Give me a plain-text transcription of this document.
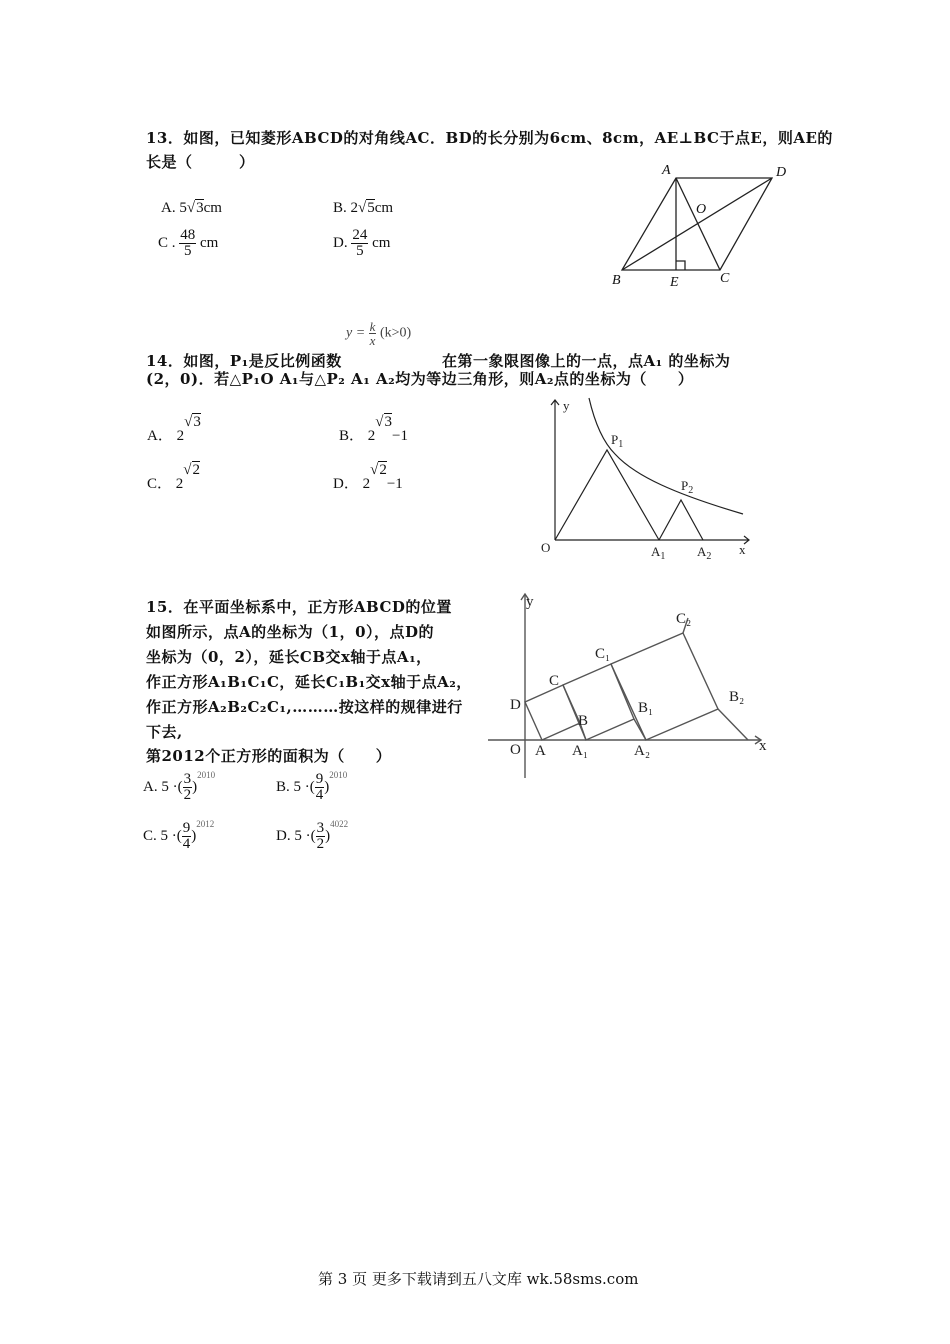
13．如图，已知菱形ABCD的对角线AC．BD的长分别为6cm、8cm，AE⊥BC于点E，则AE的
长是（　　　）
A. 5√3cm	B. 2√5cm
C . $\frac{48}{5}$ cm	D. $\frac{24}{5}$ cm
A	D
O
B	E	C
$y = \frac{k}{x} (k>0)$
14．如图，P₁是反比例函数	在第一象限图像上的一点，点A₁ 的坐标为
(2，0)．若△P₁O A₁与△P₂ A₁ A₂均为等边三角形，则A₂点的坐标为（　　）
A． 2√3
B． 2√3−1
C． 2√2
D． 2√2−1
y
x
O
$P_1$
$P_2$
$A_1$ $A_2$
15．在平面坐标系中，正方形ABCD的位置
如图所示，点A的坐标为（1，0），点D的
坐标为（0，2），延长CB交x轴于点A₁，
作正方形A₁B₁C₁C，延长C₁B₁交x轴于点A₂，
作正方形A₂B₂C₂C₁,………按这样的规律进行
下去,
第2012个正方形的面积为（　　）
A. 5 ·( $\frac{3}{2} )^{2010}$
B. 5 ·( $\frac{9}{4} )^{2010}$
C. 5 ·( $\frac{9}{4} )^{2012}$
D. 5 ·( $\frac{3}{2} )^{4022}$
D
O A
B
C
A₁
B₁
C₁
A₂
B₂
C₂
y
x
第 3 页 更多下载请到五八文库 wk.58sms.com
